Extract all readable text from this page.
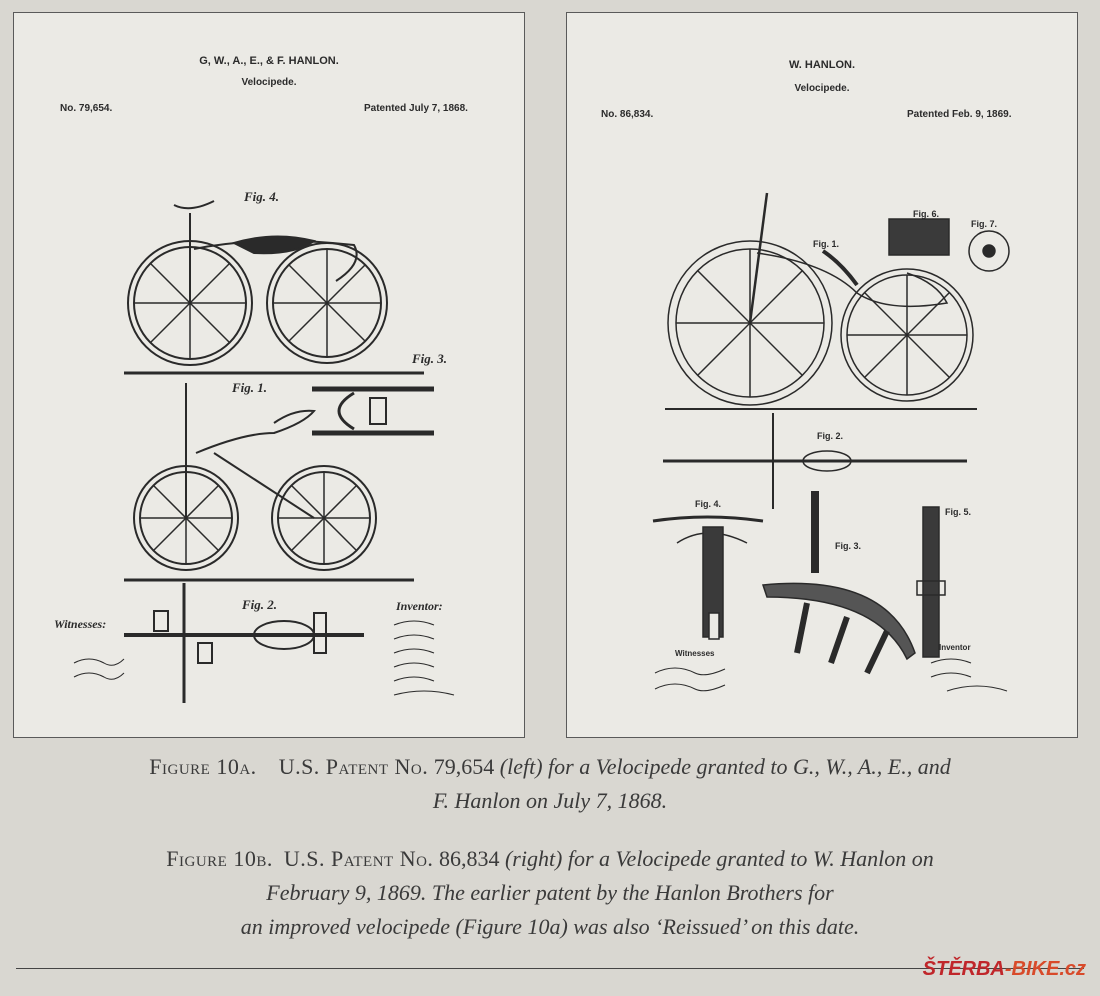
G, W., A., E., & F. HANLON.
Velocipede.
No. 79,654.	Patented July 7, 1868.
Fig. 4.
Fig. 3.
Fig. 1.
Fig. 2.
Witnesses:
Inventor:
W. HANLON.
Velocipede.
No. 86,834.	Patented Feb. 9, 1869.
Fig. 1.
Fig. 6.
Fig. 7.
Fig. 2.
Fig. 4.
Fig. 3.
Fig. 5.
Witnesses
Inventor
Figure 10a. U.S. Patent No. 79,654 (left) for a Velocipede granted to G., W., A., E., and
F. Hanlon on July 7, 1868.
Figure 10b. U.S. Patent No. 86,834 (right) for a Velocipede granted to W. Hanlon on
February 9, 1869. The earlier patent by the Hanlon Brothers for
an improved velocipede (Figure 10a) was also ‘Reissued’ on this date.
ŠTĚRBA-BIKE.cz
